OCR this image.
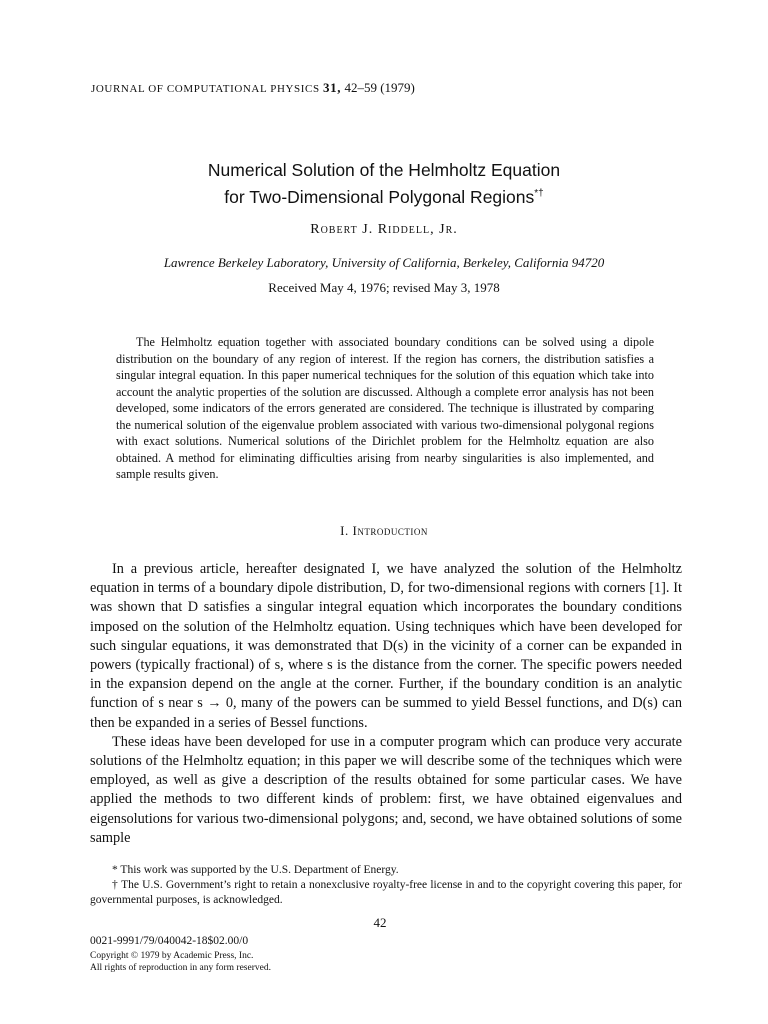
JOURNAL OF COMPUTATIONAL PHYSICS 31, 42–59 (1979)
Numerical Solution of the Helmholtz Equation
for Two-Dimensional Polygonal Regions*†
Robert J. Riddell, Jr.
Lawrence Berkeley Laboratory, University of California, Berkeley, California 94720
Received May 4, 1976; revised May 3, 1978

The Helmholtz equation together with associated boundary conditions can be solved using a dipole distribution on the boundary of any region of interest. If the region has corners, the distribution satisfies a singular integral equation. In this paper numerical techniques for the solution of this equation which take into account the analytic properties of the solution are discussed. Although a complete error analysis has not been developed, some indicators of the errors generated are considered. The technique is illustrated by comparing the numerical solution of the eigenvalue problem associated with various two-dimensional polygonal regions with exact solutions. Numerical solutions of the Dirichlet problem for the Helmholtz equation are also obtained. A method for eliminating difficulties arising from nearby singularities is also implemented, and sample results given.

I. Introduction

In a previous article, hereafter designated I, we have analyzed the solution of the Helmholtz equation in terms of a boundary dipole distribution, D, for two-dimensional regions with corners [1]. It was shown that D satisfies a singular integral equation which incorporates the boundary conditions imposed on the solution of the Helmholtz equation. Using techniques which have been developed for such singular equations, it was demonstrated that D(s) in the vicinity of a corner can be expanded in powers (typically fractional) of s, where s is the distance from the corner. The specific powers needed in the expansion depend on the angle at the corner. Further, if the boundary condition is an analytic function of s near s → 0, many of the powers can be summed to yield Bessel functions, and D(s) can then be expanded in a series of Bessel functions.

These ideas have been developed for use in a computer program which can produce very accurate solutions of the Helmholtz equation; in this paper we will describe some of the techniques which were employed, as well as give a description of the results obtained for some particular cases. We have applied the methods to two different kinds of problem: first, we have obtained eigenvalues and eigensolutions for various two-dimensional polygons; and, second, we have obtained solutions of some sample

* This work was supported by the U.S. Department of Energy.

† The U.S. Government’s right to retain a nonexclusive royalty-free license in and to the copyright covering this paper, for governmental purposes, is acknowledged.

42
0021-9991/79/040042-18$02.00/0
Copyright © 1979 by Academic Press, Inc.
All rights of reproduction in any form reserved.
